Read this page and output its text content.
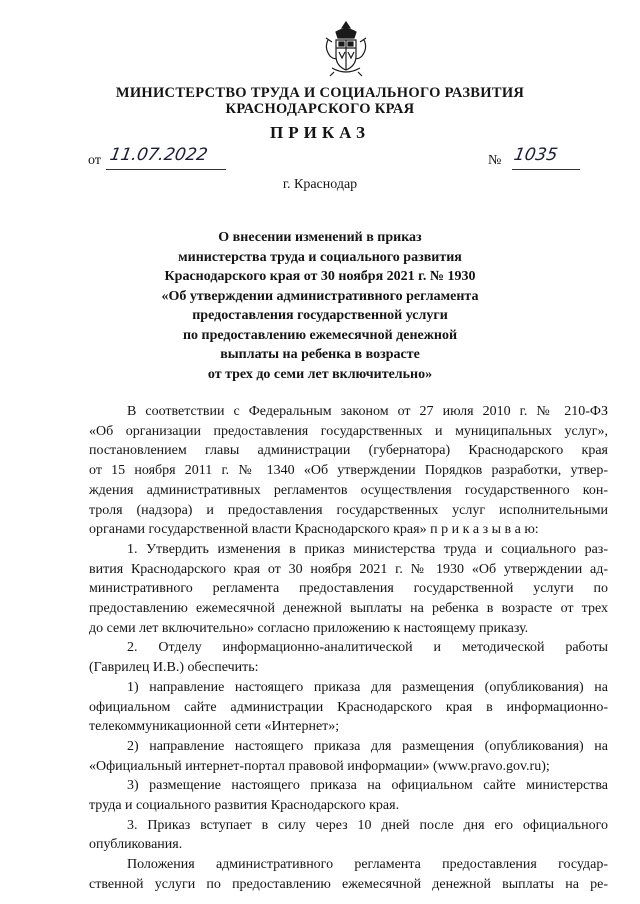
МИНИСТЕРСТВО ТРУДА И СОЦИАЛЬНОГО РАЗВИТИЯ
КРАСНОДАРСКОГО КРАЯ
ПРИКАЗ
от 11.07.2022	№ 1035
г. Краснодар
О внесении изменений в приказ
министерства труда и социального развития
Краснодарского края от 30 ноября 2021 г. № 1930
«Об утверждении административного регламента
предоставления государственной услуги
по предоставлению ежемесячной денежной
выплаты на ребенка в возрасте
от трех до семи лет включительно»
В соответствии с Федеральным законом от 27 июля 2010 г. № 210-ФЗ
«Об организации предоставления государственных и муниципальных услуг»,
постановлением главы администрации (губернатора) Краснодарского края
от 15 ноября 2011 г. № 1340 «Об утверждении Порядков разработки, утвер-
ждения административных регламентов осуществления государственного кон-
троля (надзора) и предоставления государственных услуг исполнительными
органами государственной власти Краснодарского края» п р и к а з ы в а ю:
1. Утвердить изменения в приказ министерства труда и социального раз-
вития Краснодарского края от 30 ноября 2021 г. № 1930 «Об утверждении ад-
министративного регламента предоставления государственной услуги по
предоставлению ежемесячной денежной выплаты на ребенка в возрасте от трех
до семи лет включительно» согласно приложению к настоящему приказу.
2. Отделу информационно-аналитической и методической работы
(Гаврилец И.В.) обеспечить:
1) направление настоящего приказа для размещения (опубликования) на
официальном сайте администрации Краснодарского края в информационно-
телекоммуникационной сети «Интернет»;
2) направление настоящего приказа для размещения (опубликования) на
«Официальный интернет-портал правовой информации» (www.pravo.gov.ru);
3) размещение настоящего приказа на официальном сайте министерства
труда и социального развития Краснодарского края.
3. Приказ вступает в силу через 10 дней после дня его официального
опубликования.
Положения административного регламента предоставления государ-
ственной услуги по предоставлению ежемесячной денежной выплаты на ре-
